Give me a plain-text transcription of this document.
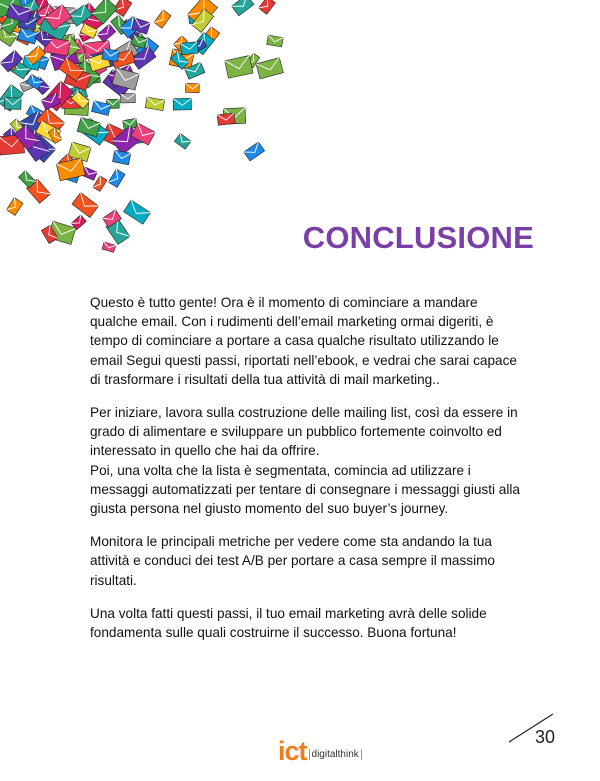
CONCLUSIONE

Questo è tutto gente! Ora è il momento di cominciare a mandare qualche email. Con i rudimenti dell’email marketing ormai digeriti, è tempo di cominciare a portare a casa qualche risultato utilizzando le email Segui questi passi, riportati nell’ebook, e vedrai che sarai capace di trasformare i risultati della tua attività di mail marketing..

Per iniziare, lavora sulla costruzione delle mailing list, così da essere in grado di alimentare e sviluppare un pubblico fortemente coinvolto ed interessato in quello che hai da offrire.
Poi, una volta che la lista è segmentata, comincia ad utilizzare i messaggi automatizzati per tentare di consegnare i messaggi giusti alla giusta persona nel giusto momento del suo buyer’s journey.

Monitora le principali metriche per vedere come sta andando la tua attività e conduci dei test A/B per portare a casa sempre il massimo risultati.

Una volta fatti questi passi, il tuo email marketing avrà delle solide fondamenta sulle quali costruirne il successo. Buona fortuna!

30
ict digitalthink
